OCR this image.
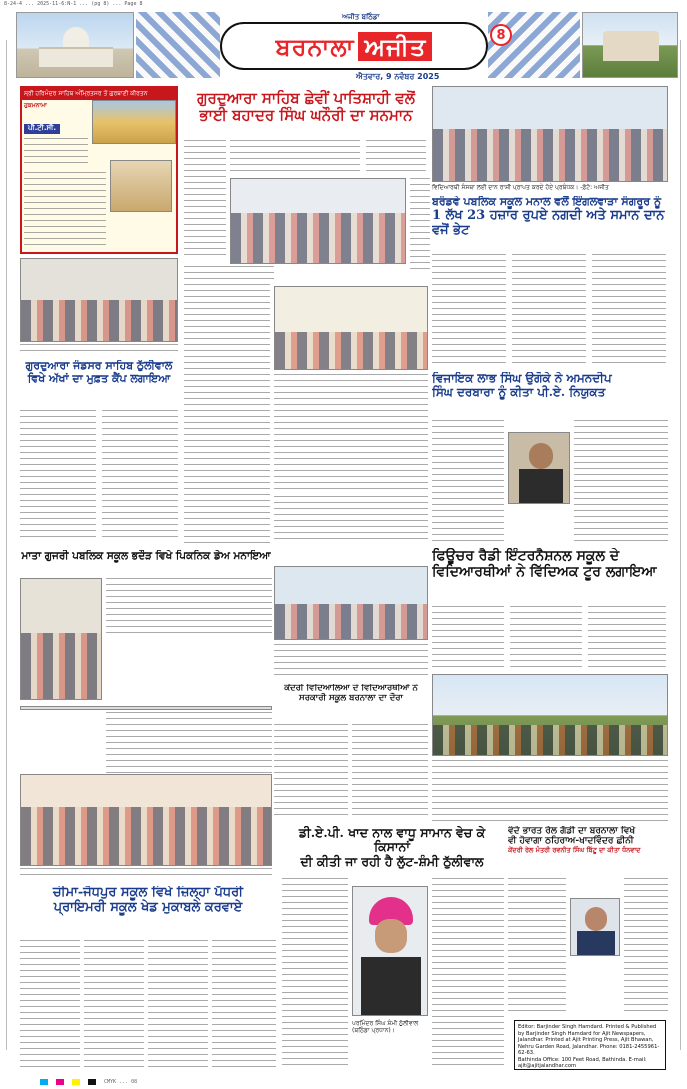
8-24-4 ... 2025-11-6:N-1 ... (pg 8) ... Page 8
ਬਰਨਾਲਾ ਅਜੀਤ
ਅਜੀਤ ਬਠਿੰਡਾ
ਐਤਵਾਰ, 9 ਨਵੰਬਰ 2025
8
ਸ੍ਰੀ ਹਰਿਮੰਦਰ ਸਾਹਿਬ ਅੰਮ੍ਰਿਤਸਰ ਤੋਂ ਗੁਰਬਾਣੀ ਕੀਰਤਨ
ਹੁਕਮਨਾਮਾ
ਪੀ.ਟੀ.ਸੀ.
ਗੁਰਦੁਆਰਾ ਸਾਹਿਬ ਛੇਵੀਂ ਪਾਤਿਸ਼ਾਹੀ ਵਲੋਂ
ਭਾਈ ਬਹਾਦਰ ਸਿੰਘ ਘਨੌਰੀ ਦਾ ਸਨਮਾਨ
ਵਿਦਿਆਰਥੀ ਸੰਸਥਾ ਲਈ ਦਾਨ ਰਾਸ਼ੀ ਪ੍ਰਾਪਤ ਕਰਦੇ ਹੋਏ ਪ੍ਰਬੰਧਕ। -ਫ਼ੋਟੋ: ਅਜੀਤ
ਬਰੰਡਵੇ ਪਬਲਿਕ ਸਕੂਲ ਮਨਾਲ ਵਲੋਂ ਇੰਗਲਵਾੜਾ ਸੰਗਰੂਰ ਨੂੰ
1 ਲੱਖ 23 ਹਜ਼ਾਰ ਰੁਪਏ ਨਗਦੀ ਅਤੇ ਸਮਾਨ ਦਾਨ ਵਜੋਂ ਭੇਟ
ਗੁਰਦੁਆਰਾ ਜੰਡਸਰ ਸਾਹਿਬ ਠੁੱਲੀਵਾਲ
ਵਿਖੇ ਅੱਖਾਂ ਦਾ ਮੁਫ਼ਤ ਕੈਂਪ ਲਗਾਇਆ	ਵਿਜਾਇਕ ਲਾਭ ਸਿੰਘ ਉਗੋਕੇ ਨੇ ਅਮਨਦੀਪ
ਸਿੰਘ ਦਰਬਾਰਾ ਨੂੰ ਕੀਤਾ ਪੀ.ਏ. ਨਿਯੁਕਤ
ਮਾਤਾ ਗੁਜਰੀ ਪਬਲਿਕ ਸਕੂਲ ਭਦੌੜ ਵਿਖੇ ਪਿਕਨਿਕ ਡੇਅ ਮਨਾਇਆ	ਫਿਊਚਰ ਰੈਡੀ ਇੰਟਰਨੈਸ਼ਨਲ ਸਕੂਲ ਦੇ
ਵਿਦਿਆਰਥੀਆਂ ਨੇ ਵਿੱਦਿਅਕ ਟੂਰ ਲਗਾਇਆ
ਕੇਂਦਰੀ ਵਿਦਿਆਲਿਆ ਦੇ ਵਿਦਿਆਰਥੀਆਂ ਨੇ
ਸਰਕਾਰੀ ਸਕੂਲ ਬਰਨਾਲਾ ਦਾ ਦੌਰਾ
ਡੀ.ਏ.ਪੀ. ਖਾਦ ਨਾਲ ਵਾਧੂ ਸਾਮਾਨ ਵੇਚ ਕੇ ਕਿਸਾਨਾਂ
ਦੀ ਕੀਤੀ ਜਾ ਰਹੀ ਹੈ ਲੁੱਟ-ਸ਼ੰਮੀ ਠੁੱਲੀਵਾਲ
ਪਰਮਿੰਦਰ ਸਿੰਘ ਸ਼ੰਮੀ ਠੁੱਲੀਵਾਲ (ਬਠਿੰਡਾ ਪ੍ਰਧਾਨ)।
ਚੀਮਾ-ਜੋਧਪੁਰ ਸਕੂਲ ਵਿਖੇ ਜ਼ਿਲ੍ਹਾ ਪੱਧਰੀ
ਪ੍ਰਾਇਮਰੀ ਸਕੂਲ ਖੇਡ ਮੁਕਾਬਲੇ ਕਰਵਾਏ
ਵੰਦੇ ਭਾਰਤ ਰੇਲ ਗੱਡੀ ਦਾ ਬਰਨਾਲਾ ਵਿਖੇ
ਵੀ ਹੋਵਾਗਾ ਠਹਿਰਾਅ-ਖਾਦਵਿੰਦਰ ਛੀਨੀ
ਕੇਂਦਰੀ ਰੇਲ ਮੰਤਰੀ ਰਵਨੀਤ ਸਿੰਘ ਬਿੱਟੂ ਦਾ ਕੀਤਾ ਧੰਨਵਾਦ
Editor: Barjinder Singh Hamdard. Printed & Published by Barjinder Singh Hamdard for Ajit Newspapers,
Jalandhar. Printed at Ajit Printing Press, Ajit Bhawan, Nehru Garden Road, Jalandhar. Phone: 0181-2455961-62-63.
Bathinda Office: 100 Feet Road, Bathinda. E-mail: ajit@ajitjalandhar.com
CMYK ... 08
